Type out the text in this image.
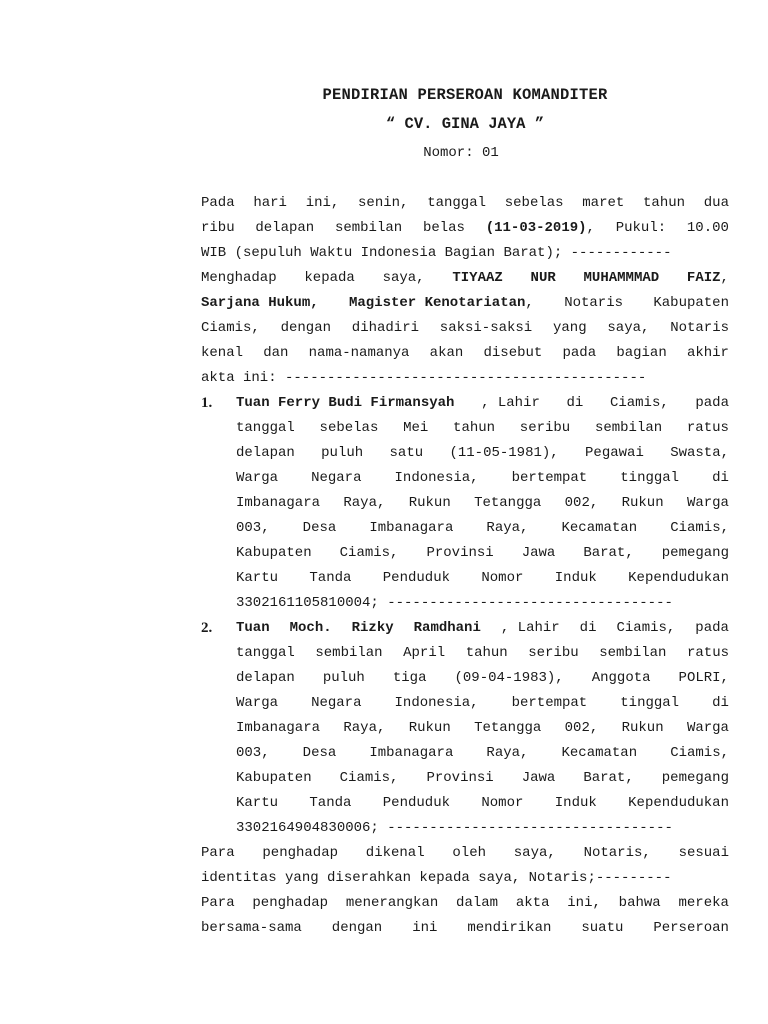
PENDIRIAN PERSEROAN KOMANDITER
“ CV. GINA JAYA ”
Nomor: 01
Pada hari ini, senin, tanggal sebelas maret tahun dua
ribu delapan sembilan belas (11-03-2019), Pukul: 10.00
WIB (sepuluh Waktu Indonesia Bagian Barat); ------------
Menghadap kepada saya, TIYAAZ NUR MUHAMMMAD FAIZ,
Sarjana Hukum, Magister Kenotariatan, Notaris Kabupaten
Ciamis, dengan dihadiri saksi-saksi yang saya, Notaris
kenal dan nama-namanya akan disebut pada bagian akhir
akta ini: -------------------------------------------
1. Tuan Ferry Budi Firmansyah , Lahir di Ciamis, pada
tanggal sebelas Mei tahun seribu sembilan ratus
delapan puluh satu (11-05-1981), Pegawai Swasta,
Warga Negara Indonesia, bertempat tinggal di
Imbanagara Raya, Rukun Tetangga 002, Rukun Warga
003, Desa Imbanagara Raya, Kecamatan Ciamis,
Kabupaten Ciamis, Provinsi Jawa Barat, pemegang
Kartu Tanda Penduduk Nomor Induk Kependudukan
3302161105810004; ----------------------------------
2. Tuan Moch. Rizky Ramdhani , Lahir di Ciamis, pada
tanggal sembilan April tahun seribu sembilan ratus
delapan puluh tiga (09-04-1983), Anggota POLRI,
Warga Negara Indonesia, bertempat tinggal di
Imbanagara Raya, Rukun Tetangga 002, Rukun Warga
003, Desa Imbanagara Raya, Kecamatan Ciamis,
Kabupaten Ciamis, Provinsi Jawa Barat, pemegang
Kartu Tanda Penduduk Nomor Induk Kependudukan
3302164904830006; ----------------------------------
Para penghadap dikenal oleh saya, Notaris, sesuai
identitas yang diserahkan kepada saya, Notaris;---------
Para penghadap menerangkan dalam akta ini, bahwa mereka
bersama-sama dengan ini mendirikan suatu Perseroan
